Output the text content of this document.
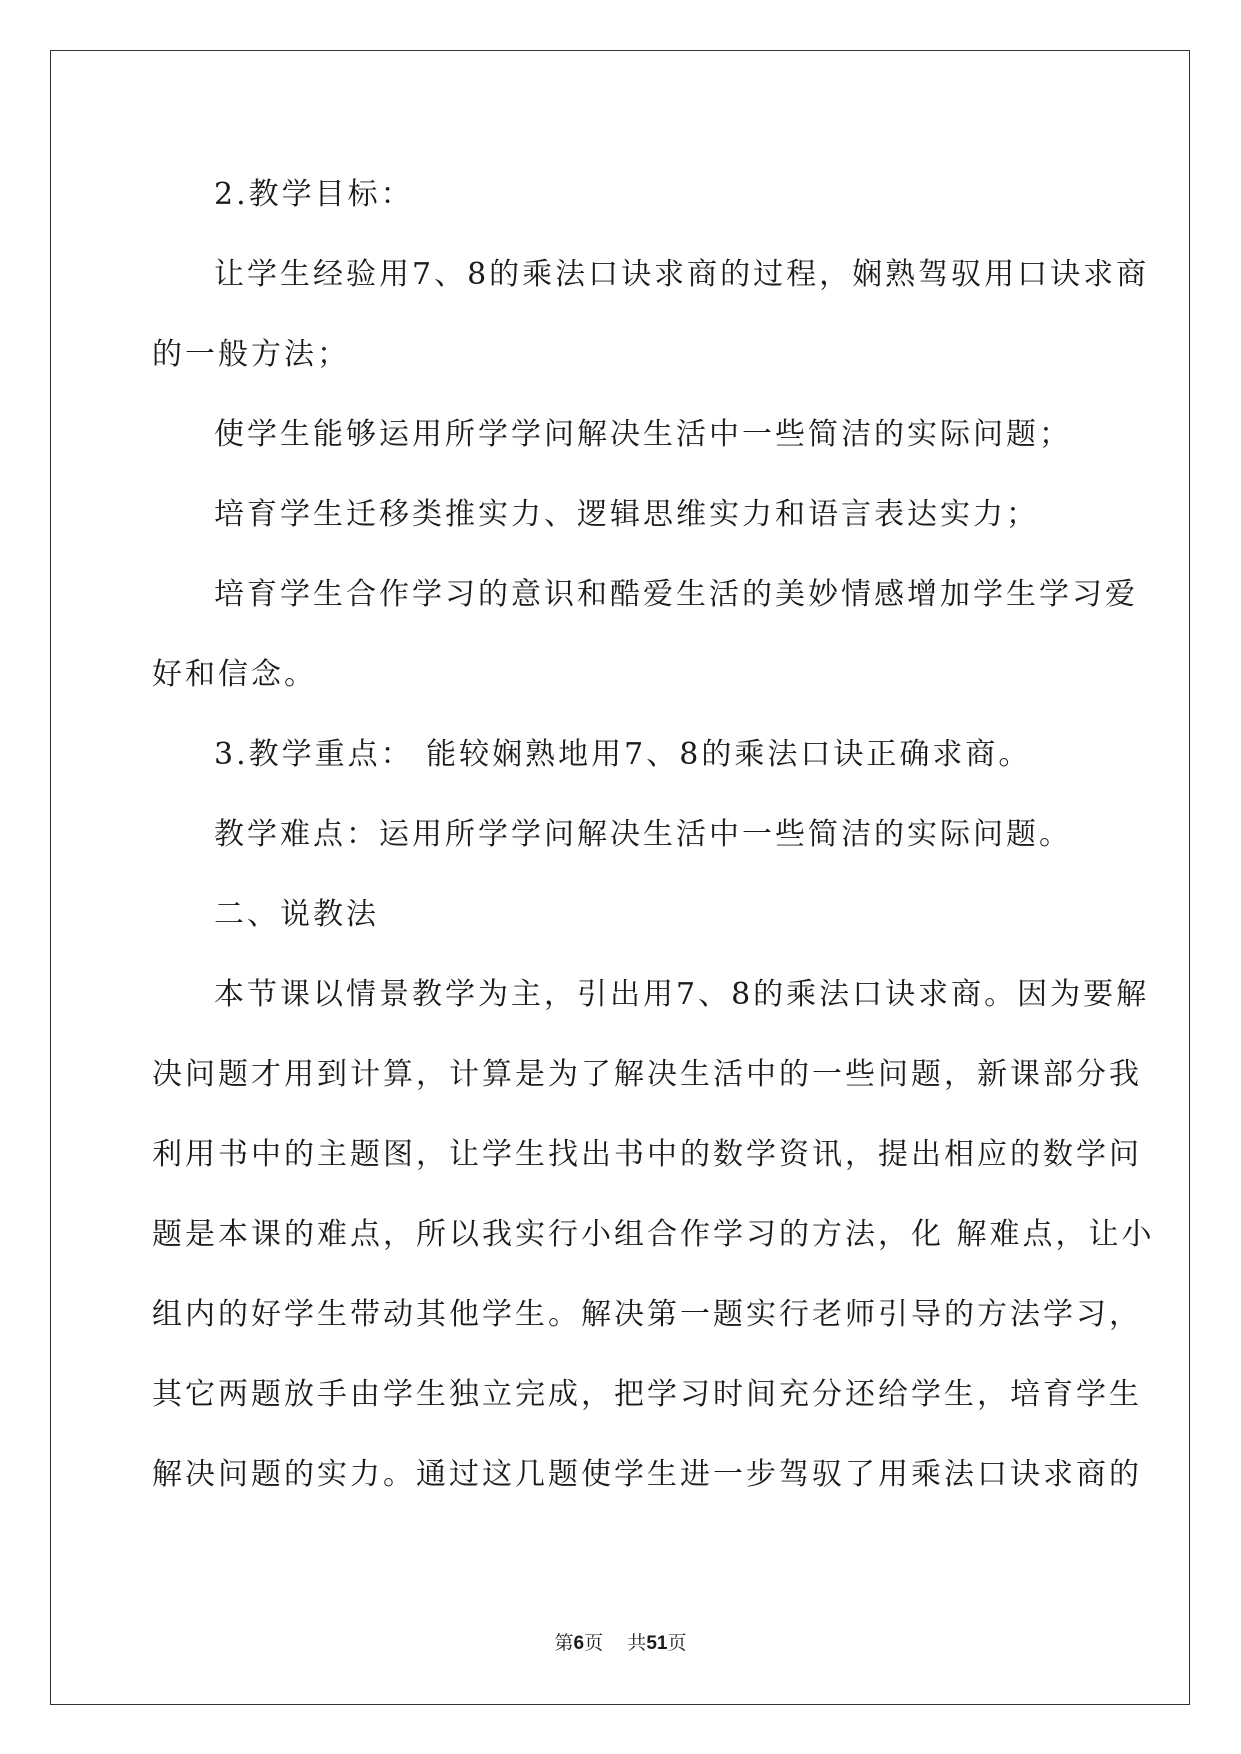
2.教学目标：
让学生经验用7、8的乘法口诀求商的过程，娴熟驾驭用口诀求商
的一般方法；
使学生能够运用所学学问解决生活中一些简洁的实际问题；
培育学生迁移类推实力、逻辑思维实力和语言表达实力；
培育学生合作学习的意识和酷爱生活的美妙情感增加学生学习爱
好和信念。
3.教学重点： 能较娴熟地用7、8的乘法口诀正确求商。
教学难点：运用所学学问解决生活中一些简洁的实际问题。
二、说教法
本节课以情景教学为主，引出用7、8的乘法口诀求商。因为要解
决问题才用到计算，计算是为了解决生活中的一些问题，新课部分我
利用书中的主题图，让学生找出书中的数学资讯，提出相应的数学问
题是本课的难点，所以我实行小组合作学习的方法，化 解难点，让小
组内的好学生带动其他学生。解决第一题实行老师引导的方法学习，
其它两题放手由学生独立完成，把学习时间充分还给学生，培育学生
解决问题的实力。通过这几题使学生进一步驾驭了用乘法口诀求商的
第6页 共51页
